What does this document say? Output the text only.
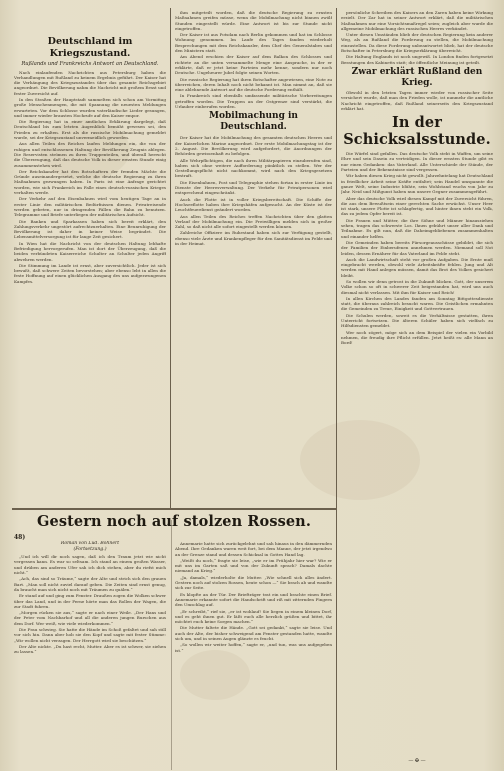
Deutschland im Kriegszustand.
Rußlands und Frankreichs Antwort an Deutschland.

Nach einlaufenden Nachrichten aus Petersburg haben die Verhandlungen mit Rußland zu keinem Ergebnis geführt. Der Kaiser hat die Verhängung des Kriegszustandes über das gesamte Reichsgebiet angeordnet. Die Bevölkerung nahm die Nachricht mit großem Ernst und fester Zuversicht auf.

In den Straßen der Hauptstadt sammelten sich schon am Vormittag große Menschenmengen, die mit Spannung die neuesten Meldungen erwarteten. Vor dem Schlosse wurden vaterländische Lieder gesungen, und immer wieder brausten Hochrufe auf den Kaiser empor.

Die Regierung hat in einer amtlichen Erklärung dargelegt, daß Deutschland bis zum letzten Augenblick bemüht gewesen sei, den Frieden zu erhalten. Erst als die russische Mobilmachung gemeldet wurde, sei der Kriegszustand unvermeidlich geworden.

Aus allen Teilen des Reiches laufen Meldungen ein, die von der ruhigen und entschlossenen Haltung der Bevölkerung Zeugnis ablegen. Die Reservisten strömen zu ihren Truppenteilen, und überall herrscht die Überzeugung, daß das deutsche Volk in dieser ernsten Stunde einig zusammenstehen wird.

Der Reichskanzler hat den Botschaftern der fremden Mächte die Gründe auseinandergesetzt, welche die deutsche Regierung zu ihren Maßnahmen gezwungen haben. In Paris ist eine Anfrage gerichtet worden, wie sich Frankreich im Falle eines deutsch-russischen Krieges verhalten werde.

Der Verkehr auf den Eisenbahnen wird vom heutigen Tage an in erster Linie den militärischen Bedürfnissen dienen. Privatreisende werden gebeten, nur in dringenden Fällen die Bahn zu benutzen. Telegramme und Briefe unterliegen der militärischen Aufsicht.

Die Banken und Sparkassen haben sich bereit erklärt, den Zahlungsverkehr ungestört aufrechtzuerhalten. Eine Beunruhigung der Bevölkerung ist daher in keiner Weise begründet. Die Lebensmittelversorgung ist für lange Zeit gesichert.

In Wien hat die Nachricht von der deutschen Haltung lebhafte Befriedigung hervorgerufen. Man ist dort der Überzeugung, daß die beiden verbündeten Kaiserreiche Schulter an Schulter jeden Angriff abwehren werden.

Die Stimmung im Lande ist ernst, aber zuversichtlich. Jeder ist sich bewußt, daß schwere Zeiten bevorstehen; aber ebenso lebt in allen die feste Hoffnung auf einen glücklichen Ausgang des uns aufgezwungenen Kampfes.

ihm mitgeteilt worden, daß die deutsche Regierung zu ernsten Maßnahmen greifen müsse, wenn die Mobilmachung nicht binnen zwölf Stunden eingestellt würde. Eine Antwort ist bis zur Stunde nicht eingetroffen.

Der Kaiser ist aus Potsdam nach Berlin gekommen und hat im Schlosse Wohnung genommen. Im Laufe des Tages fanden wiederholt Besprechungen mit dem Reichskanzler, dem Chef des Generalstabes und den Ministern statt.

Am Abend erschien der Kaiser auf dem Balkon des Schlosses und richtete an die unten versammelte Menge eine Ansprache, in der er erklärte, daß er jetzt keine Parteien mehr kenne, sondern nur noch Deutsche. Ungeheurer Jubel folgte seinen Worten.

Die russische Regierung hat ihren Botschafter angewiesen, eine Note zu überreichen, deren Inhalt noch nicht bekannt ist. Man nimmt an, daß sie eine ablehnende Antwort auf die deutsche Forderung enthält.

In Frankreich sind ebenfalls umfassende militärische Vorbereitungen getroffen worden. Die Truppen an der Ostgrenze sind verstärkt, die Urlauber einberufen worden.

Mobilmachung in Deutschland.

Der Kaiser hat die Mobilmachung des gesamten deutschen Heeres und der Kaiserlichen Marine angeordnet. Der erste Mobilmachungstag ist der 2. August. Die Bevölkerung wird aufgefordert, die Anordnungen der Behörden gewissenhaft zu befolgen.

Alle Wehrpflichtigen, die nach ihren Militärpapieren einzuberufen sind, haben sich ohne weitere Aufforderung pünktlich zu stellen. Wer der Gestellungspflicht nicht nachkommt, wird nach den Kriegsgesetzen bestraft.

Die Eisenbahnen, Post und Telegraphie stehen fortan in erster Linie im Dienste der Heeresverwaltung. Der Verkehr für Privatpersonen wird entsprechend eingeschränkt.

Auch die Flotte ist in voller Kriegsbereitschaft. Die Schiffe der Hochseeflotte haben ihre Kriegshäfen aufgesucht. An der Küste ist der Leuchtfeuerdienst geändert worden.

Aus allen Teilen des Reiches treffen Nachrichten über den glatten Verlauf der Mobilmachung ein. Die Freiwilligen melden sich in großer Zahl, so daß nicht alle sofort eingestellt werden können.

Zahlreiche Offiziere im Ruhestand haben sich zur Verfügung gestellt, ebenso viele Ärzte und Krankenpfleger für den Sanitätsdienst im Felde und in der Heimat.

persönliche Schreiben des Kaisers an den Zaren haben keine Wirkung erzielt. Der Zar hat in seiner Antwort erklärt, daß die militärischen Maßnahmen nur eine Vorsichtsmaßregel seien; zugleich aber wurde die allgemeine Mobilmachung des russischen Heeres verkündet.

Unter diesen Umständen blieb der deutschen Regierung kein anderer Weg, als an Rußland die Forderung zu stellen, die Mobilmachung einzustellen. Da diese Forderung unbeantwortet blieb, hat der deutsche Botschafter in Petersburg die Kriegserklärung überreicht.

Die Haltung Englands ist noch ungewiß. In London finden fortgesetzt Beratungen des Kabinetts statt; die öffentliche Meinung ist geteilt.

Zwar erklärt Rußland den Krieg.

Obwohl in den letzten Tagen immer wieder von russischer Seite versichert wurde, daß man den Frieden wolle, ist nunmehr die amtliche Nachricht eingetroffen, daß Rußland seinerseits den Kriegszustand erklärt hat.

In der Schicksalsstunde.

Die Würfel sind gefallen. Das deutsche Volk steht in Waffen, um seine Ehre und sein Dasein zu verteidigen. In dieser ernsten Stunde gibt es nur einen Gedanken: das Vaterland. Alle Unterschiede der Stände, der Parteien und der Bekenntnisse sind vergessen.

Wir haben diesen Krieg nicht gewollt. Jahrzehntelang hat Deutschland in friedlicher Arbeit seine Kräfte entfaltet; sein Handel umspannte die ganze Welt, seine Industrie blühte, sein Wohlstand wuchs von Jahr zu Jahr. Neid und Mißgunst haben nun unsere Gegner zusammengeführt.

Aber das deutsche Volk wird diesen Kampf mit der Zuversicht führen, die aus dem Bewußtsein einer gerechten Sache erwächst. Unser Heer ist stark, unsere Flotte ist schlagfertig, und hinter ihnen steht ein Volk, das zu jedem Opfer bereit ist.

Die Frauen und Mütter, die ihre Söhne und Männer hinausziehen sehen, tragen das schwerste Los. Ihnen gebührt unser aller Dank und Teilnahme. Es gilt nun, daß die Daheimgebliebenen zusammenhalten und einander helfen.

Die Gemeinden haben bereits Fürsorgeausschüsse gebildet, die sich der Familien der Einberufenen annehmen werden. Niemand soll Not leiden, dessen Ernährer für das Vaterland im Felde steht.

Auch die Landwirtschaft steht vor großen Aufgaben. Die Ernte muß eingebracht werden, obwohl viele Arbeitskräfte fehlen. Jung und Alt werden mit Hand anlegen müssen, damit das Brot des Volkes gesichert bleibt.

So wollen wir denn getrost in die Zukunft blicken. Gott, der unserem Volke schon so oft in schwerer Zeit beigestanden hat, wird uns auch diesmal nicht verlassen. Mit ihm für Kaiser und Reich!

In allen Kirchen des Landes fanden am Sonntag Bittgottesdienste statt, die überaus zahlreich besucht waren. Die Geistlichen ermahnten die Gemeinden zu Treue, Einigkeit und Gottvertrauen.

Die Schulen werden, soweit es die Verhältnisse gestatten, ihren Unterricht fortsetzen. Die älteren Schüler haben sich vielfach zu Hilfsdiensten gemeldet.

Wer noch zögert, möge sich an dem Beispiel der vielen ein Vorbild nehmen, die freudig ihre Pflicht erfüllen. Jetzt heißt es: alle Mann an Bord!

— ✠ —
Gestern noch auf stolzen Rossen.
48)
Roman von Lud. Bohnert
(Fortsetzung.)

„Und ich will dir noch sagen, daß ich den Traum jetzt wie nicht vergessen kann. Es war so seltsam. Ich stand an einem großen Wasser, und drüben am anderen Ufer sah ich dich stehen, aber du riefst mich nicht.“

„Ach, das sind so Träume,“ sagte der Alte und strich sich den grauen Bart. „Man soll nicht zuviel darauf geben. Die Zeiten sind ernst genug, da braucht man sich nicht noch mit Träumen zu quälen.“

Er stand auf und ging zum Fenster. Draußen zogen die Wolken schwer über das Land, und in der Ferne hörte man das Rollen der Wagen, die zur Stadt fuhren.

„Morgen rücken sie aus,“ sagte er nach einer Weile. „Der Hans und der Peter vom Nachbarhof und all die anderen jungen Burschen aus dem Dorf. Wer weiß, wie viele wiederkommen.“

Die Frau schwieg. Sie hatte die Hände im Schoß gefaltet und sah still vor sich hin. Dann aber hob sie den Kopf und sagte mit fester Stimme: „Wir wollen nicht verzagen. Der Herrgott wird sie beschützen.“

Der Alte nickte. „Du hast recht, Mutter. Aber es ist schwer, sie ziehen zu lassen.“

Annemarie hatte sich zurückgelehnt und sah hinaus in den dämmernden Abend. Ihre Gedanken waren weit fort, bei dem Manne, der jetzt irgendwo an der Grenze stand und dessen Schicksal in Gottes Hand lag.

„Weißt du noch,“ fragte sie leise, „wie er im Frühjahr hier war? Wie er mit uns im Garten saß und von der Zukunft sprach? Damals dachte niemand an Krieg.“

„Ja, damals,“ wiederholte die Mutter. „Wie schnell sich alles ändert. Gestern noch auf stolzen Rossen, heute schon —“ Sie brach ab und wandte sich zur Seite.

Es klopfte an der Tür. Der Briefträger trat ein und brachte einen Brief. Annemarie erkannte sofort die Handschrift und riß mit zitternden Fingern den Umschlag auf.

„Er schreibt,“ rief sie, „er ist wohlauf! Sie liegen in einem kleinen Dorf, und es geht ihnen gut. Er läßt euch alle herzlich grüßen und bittet, ihr möchtet euch keine Sorgen machen.“

Die Mutter faltete die Hände. „Gott sei gedankt,“ sagte sie leise. Und auch der Alte, der bisher schweigend am Fenster gestanden hatte, wandte sich um, und in seinen Augen glänzte es feucht.

„So wollen wir weiter hoffen,“ sagte er, „und tun, was uns aufgegeben ist.“
